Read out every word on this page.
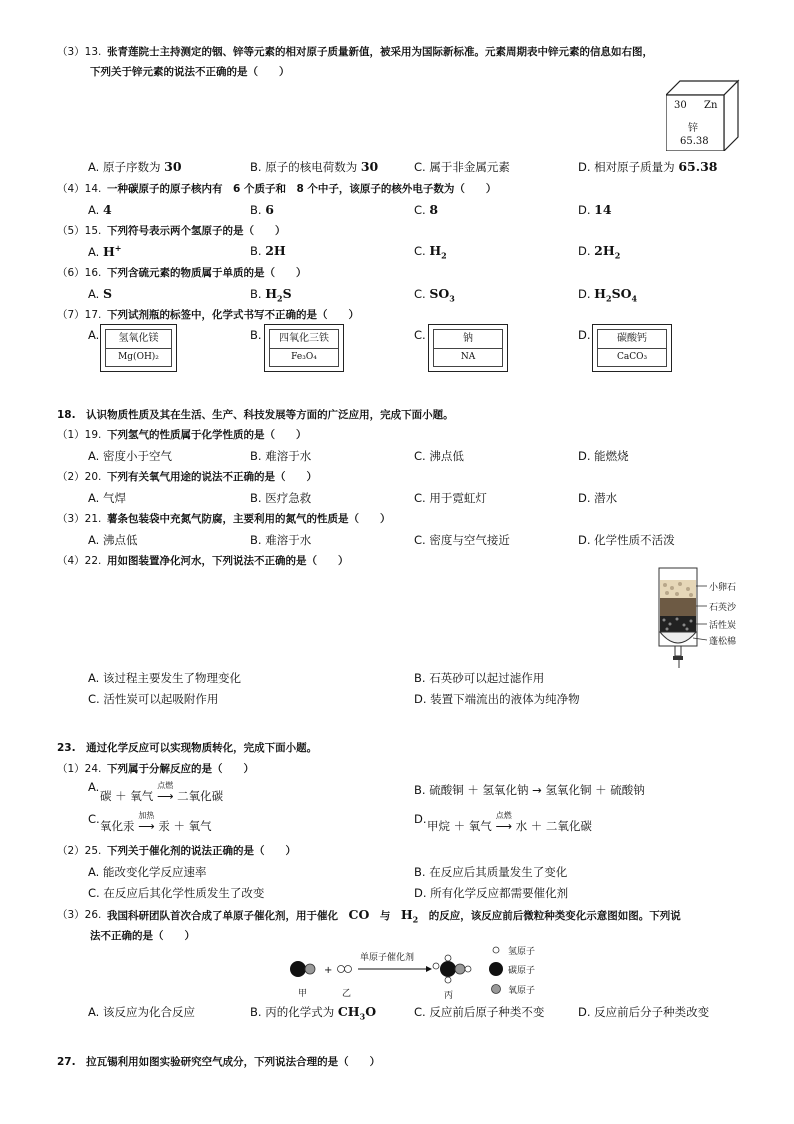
（3）13. 张青莲院士主持测定的铟、锌等元素的相对原子质量新值，被采用为国际新标准。元素周期表中锌元素的信息如右图，
下列关于锌元素的说法不正确的是（　　）
30 Zn
锌
65.38
A. 原子序数为 30	B. 原子的核电荷数为 30	C. 属于非金属元素	D. 相对原子质量为 65.38
（4）14. 一种碳原子的原子核内有　6 个质子和　8 个中子，该原子的核外电子数为（　　）
A. 4	B. 6	C. 8	D. 14
（5）15. 下列符号表示两个氢原子的是（　　）
A. H+	B. 2H	C. $H_2$	D. $2H_2$
（6）16. 下列含硫元素的物质属于单质的是（　　）
A. S	B. $H_2S$	C. $SO_3$	D. $H_2SO_4$
（7）17. 下列试剂瓶的标签中，化学式书写不正确的是（　　）
A.	氢氧化镁
Mg(OH)₂
B.	四氧化三铁
Fe₃O₄
C.	钠
NA
D.	碳酸钙
CaCO₃
18.　认识物质性质及其在生活、生产、科技发展等方面的广泛应用，完成下面小题。
（1）19. 下列氢气的性质属于化学性质的是（　　）
A. 密度小于空气	B. 难溶于水	C. 沸点低	D. 能燃烧
（2）20. 下列有关氧气用途的说法不正确的是（　　）
A. 气焊	B. 医疗急救	C. 用于霓虹灯	D. 潜水
（3）21. 薯条包装袋中充氮气防腐，主要利用的氮气的性质是（　　）
A. 沸点低	B. 难溶于水	C. 密度与空气接近	D. 化学性质不活泼
（4）22. 用如图装置净化河水，下列说法不正确的是（　　）
小卵石
石英沙
活性炭
蓬松棉
A. 该过程主要发生了物理变化	B. 石英砂可以起过滤作用
C. 活性炭可以起吸附作用	D. 装置下端流出的液体为纯净物
23.　通过化学反应可以实现物质转化，完成下面小题。
（1）24. 下列属于分解反应的是（　　）
A.
碳 ＋ 氧气
点燃
⟶ 二氧化碳	B. 硫酸铜 ＋ 氢氧化钠 → 氢氧化铜 ＋ 硫酸钠
C. 氧化汞
加热
⟶ 汞 ＋ 氧气	D. 甲烷 ＋ 氧气
点燃
⟶ 水 ＋ 二氧化碳
（2）25. 下列关于催化剂的说法正确的是（　　）
A. 能改变化学反应速率	B. 在反应后其质量发生了变化
C. 在反应后其化学性质发生了改变	D. 所有化学反应都需要催化剂
（3）26. 我国科研团队首次合成了单原子催化剂，用于催化　 CO　 与　 $H_2$　 的反应，该反应前后微粒种类变化示意图如图。下列说
法不正确的是（　　）
+
单原子催化剂
甲	乙	丙
氢原子
碳原子
氧原子
A. 该反应为化合反应	B. 丙的化学式为 $CH_3O$	C. 反应前后原子种类不变	D. 反应前后分子种类改变
27.　拉瓦锡利用如图实验研究空气成分，下列说法合理的是（　　）
